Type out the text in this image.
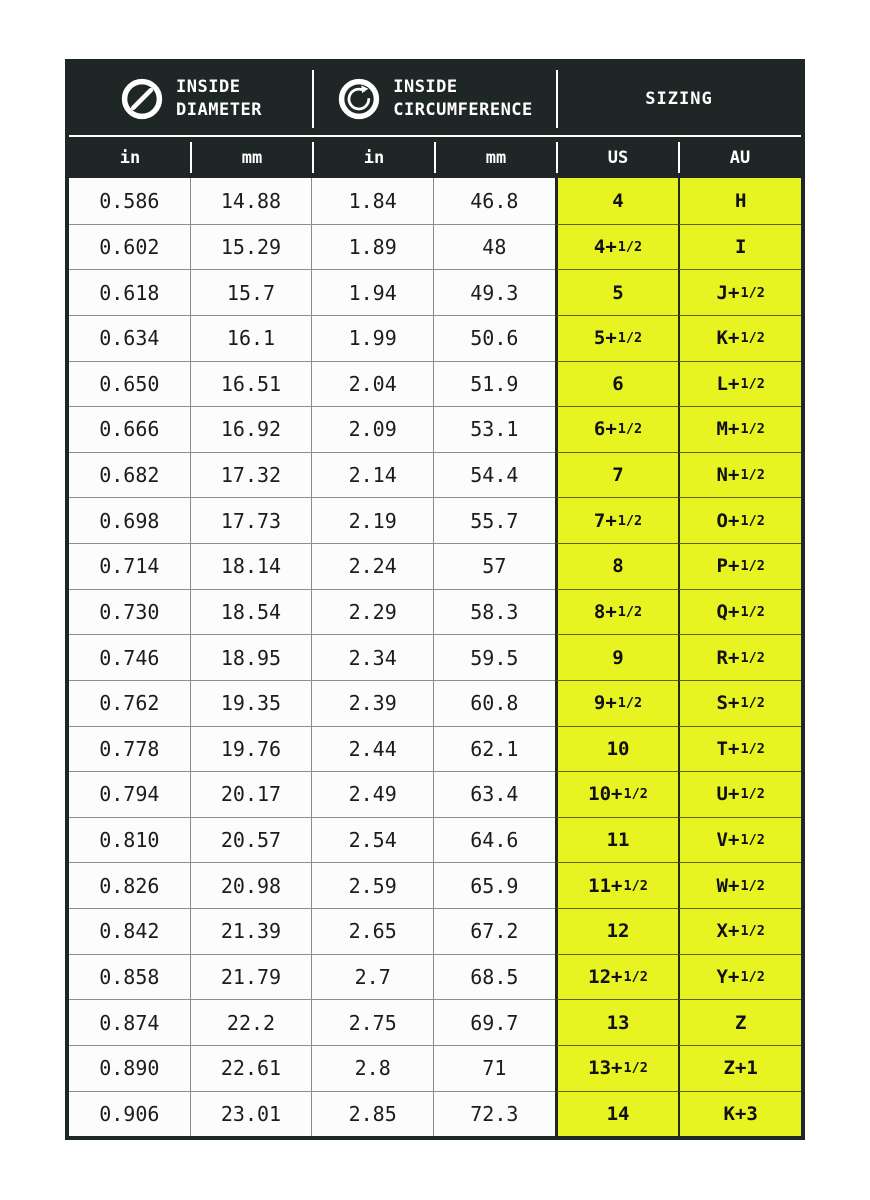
INSIDE
DIAMETER
INSIDE
CIRCUMFERENCE
SIZING
in	mm	in	mm	US	AU
0.586	14.88	1.84	46.8	4	H
0.602	15.29	1.89	48	4+ 1/2	I
0.618	15.7	1.94	49.3	5	J+ 1/2
0.634	16.1	1.99	50.6	5+ 1/2	K+ 1/2
0.650	16.51	2.04	51.9	6	L+ 1/2
0.666	16.92	2.09	53.1	6+ 1/2	M+ 1/2
0.682	17.32	2.14	54.4	7	N+ 1/2
0.698	17.73	2.19	55.7	7+ 1/2	O+ 1/2
0.714	18.14	2.24	57	8	P+ 1/2
0.730	18.54	2.29	58.3	8+ 1/2	Q+ 1/2
0.746	18.95	2.34	59.5	9	R+ 1/2
0.762	19.35	2.39	60.8	9+ 1/2	S+ 1/2
0.778	19.76	2.44	62.1	10	T+ 1/2
0.794	20.17	2.49	63.4	10+ 1/2	U+ 1/2
0.810	20.57	2.54	64.6	11	V+ 1/2
0.826	20.98	2.59	65.9	11+ 1/2	W+ 1/2
0.842	21.39	2.65	67.2	12	X+ 1/2
0.858	21.79	2.7	68.5	12+ 1/2	Y+ 1/2
0.874	22.2	2.75	69.7	13	Z
0.890	22.61	2.8	71	13+ 1/2	Z+1
0.906	23.01	2.85	72.3	14	K+3
